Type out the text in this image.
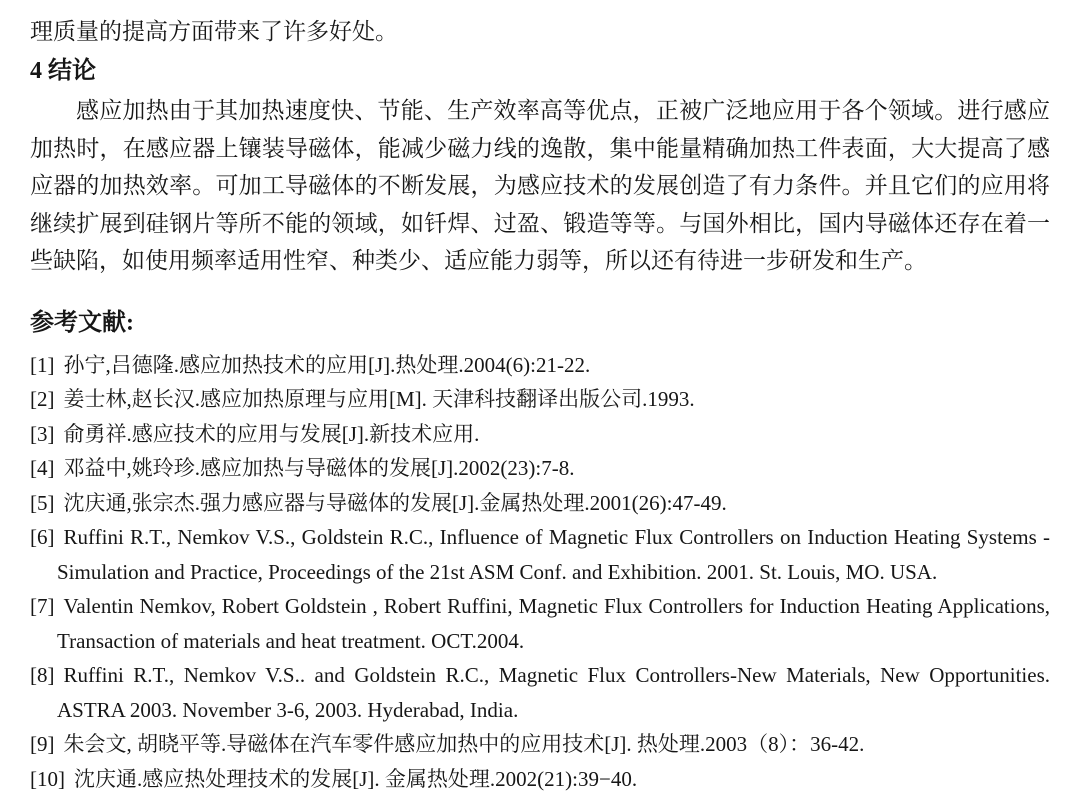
理质量的提高方面带来了许多好处。
4 结论
感应加热由于其加热速度快、节能、生产效率高等优点，正被广泛地应用于各个领域。进行感应加热时，在感应器上镶装导磁体，能减少磁力线的逸散，集中能量精确加热工件表面，大大提高了感应器的加热效率。可加工导磁体的不断发展，为感应技术的发展创造了有力条件。并且它们的应用将继续扩展到硅钢片等所不能的领域，如钎焊、过盈、锻造等等。与国外相比，国内导磁体还存在着一些缺陷，如使用频率适用性窄、种类少、适应能力弱等，所以还有待进一步研发和生产。
参考文献:
[1] 孙宁,吕德隆.感应加热技术的应用[J].热处理.2004(6):21-22.
[2] 姜士林,赵长汉.感应加热原理与应用[M]. 天津科技翻译出版公司.1993.
[3] 俞勇祥.感应技术的应用与发展[J].新技术应用.
[4] 邓益中,姚玲珍.感应加热与导磁体的发展[J].2002(23):7-8.
[5] 沈庆通,张宗杰.强力感应器与导磁体的发展[J].金属热处理.2001(26):47-49.
[6] Ruffini R.T., Nemkov V.S., Goldstein R.C., Influence of Magnetic Flux Controllers on Induction Heating Systems -Simulation and Practice, Proceedings of the 21st ASM Conf. and Exhibition. 2001. St. Louis, MO. USA.
[7] Valentin Nemkov, Robert Goldstein , Robert Ruffini, Magnetic Flux Controllers for Induction Heating Applications, Transaction of materials and heat treatment. OCT.2004.
[8] Ruffini R.T., Nemkov V.S.. and Goldstein R.C., Magnetic Flux Controllers-New Materials, New Opportunities. ASTRA 2003. November 3-6, 2003. Hyderabad, India.
[9] 朱会文, 胡晓平等.导磁体在汽车零件感应加热中的应用技术[J]. 热处理.2003（8）：36-42.
[10] 沈庆通.感应热处理技术的发展[J]. 金属热处理.2002(21):39−40.
